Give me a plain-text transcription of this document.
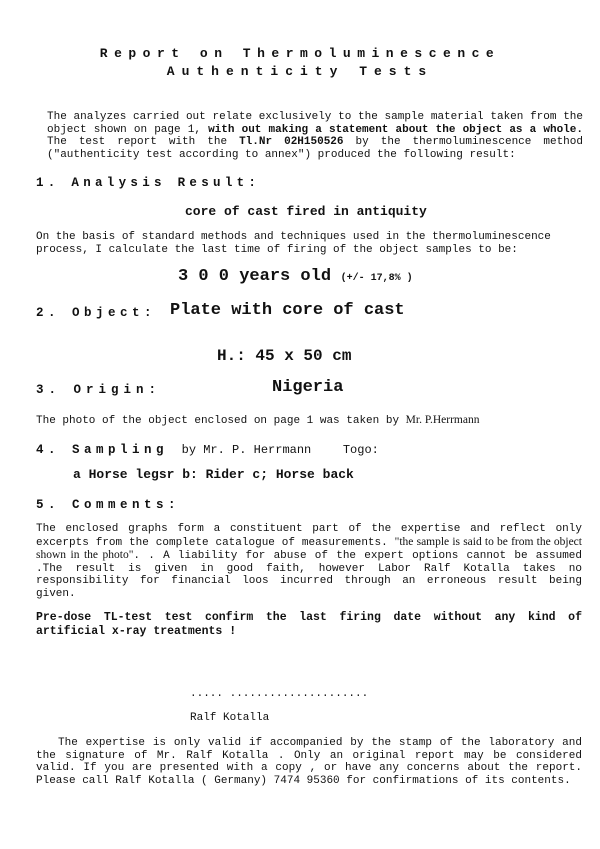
Report on Thermoluminescence
Authenticity Tests
The analyzes carried out relate exclusively to the sample material taken from the object shown on page 1, with out making a statement about the object as a whole. The test report with the Tl.Nr 02H150526 by the thermoluminescence method ("authenticity test according to annex") produced the following result:
1. Analysis Result:
core of cast fired in antiquity
On the basis of standard methods and techniques used in the thermoluminescence process, I calculate the last time of firing of the object samples to be:
3 0 0 years old (+/- 17,8% )
2. Object: Plate with core of cast
H.: 45 x 50 cm
3. Origin:	Nigeria
The photo of the object enclosed on page 1 was taken by Mr. P.Herrmann
4. Sampling by Mr. P. Herrmann	Togo:
a Horse legsr b: Rider c; Horse back
5. Comments:
The enclosed graphs form a constituent part of the expertise and reflect only excerpts from the complete catalogue of measurements. "the sample is said to be from the object shown in the photo". . A liability for abuse of the expert options cannot be assumed .The result is given in good faith, however Labor Ralf Kotalla takes no responsibility for financial loos incurred through an erroneous result being given.
Pre-dose TL-test test confirm the last firing date without any kind of artificial x-ray treatments !
..... .....................
Ralf Kotalla
The expertise is only valid if accompanied by the stamp of the laboratory and the signature of Mr. Ralf Kotalla . Only an original report may be considered valid. If you are presented with a copy , or have any concerns about the report. Please call Ralf Kotalla ( Germany) 7474 95360 for confirmations of its contents.
